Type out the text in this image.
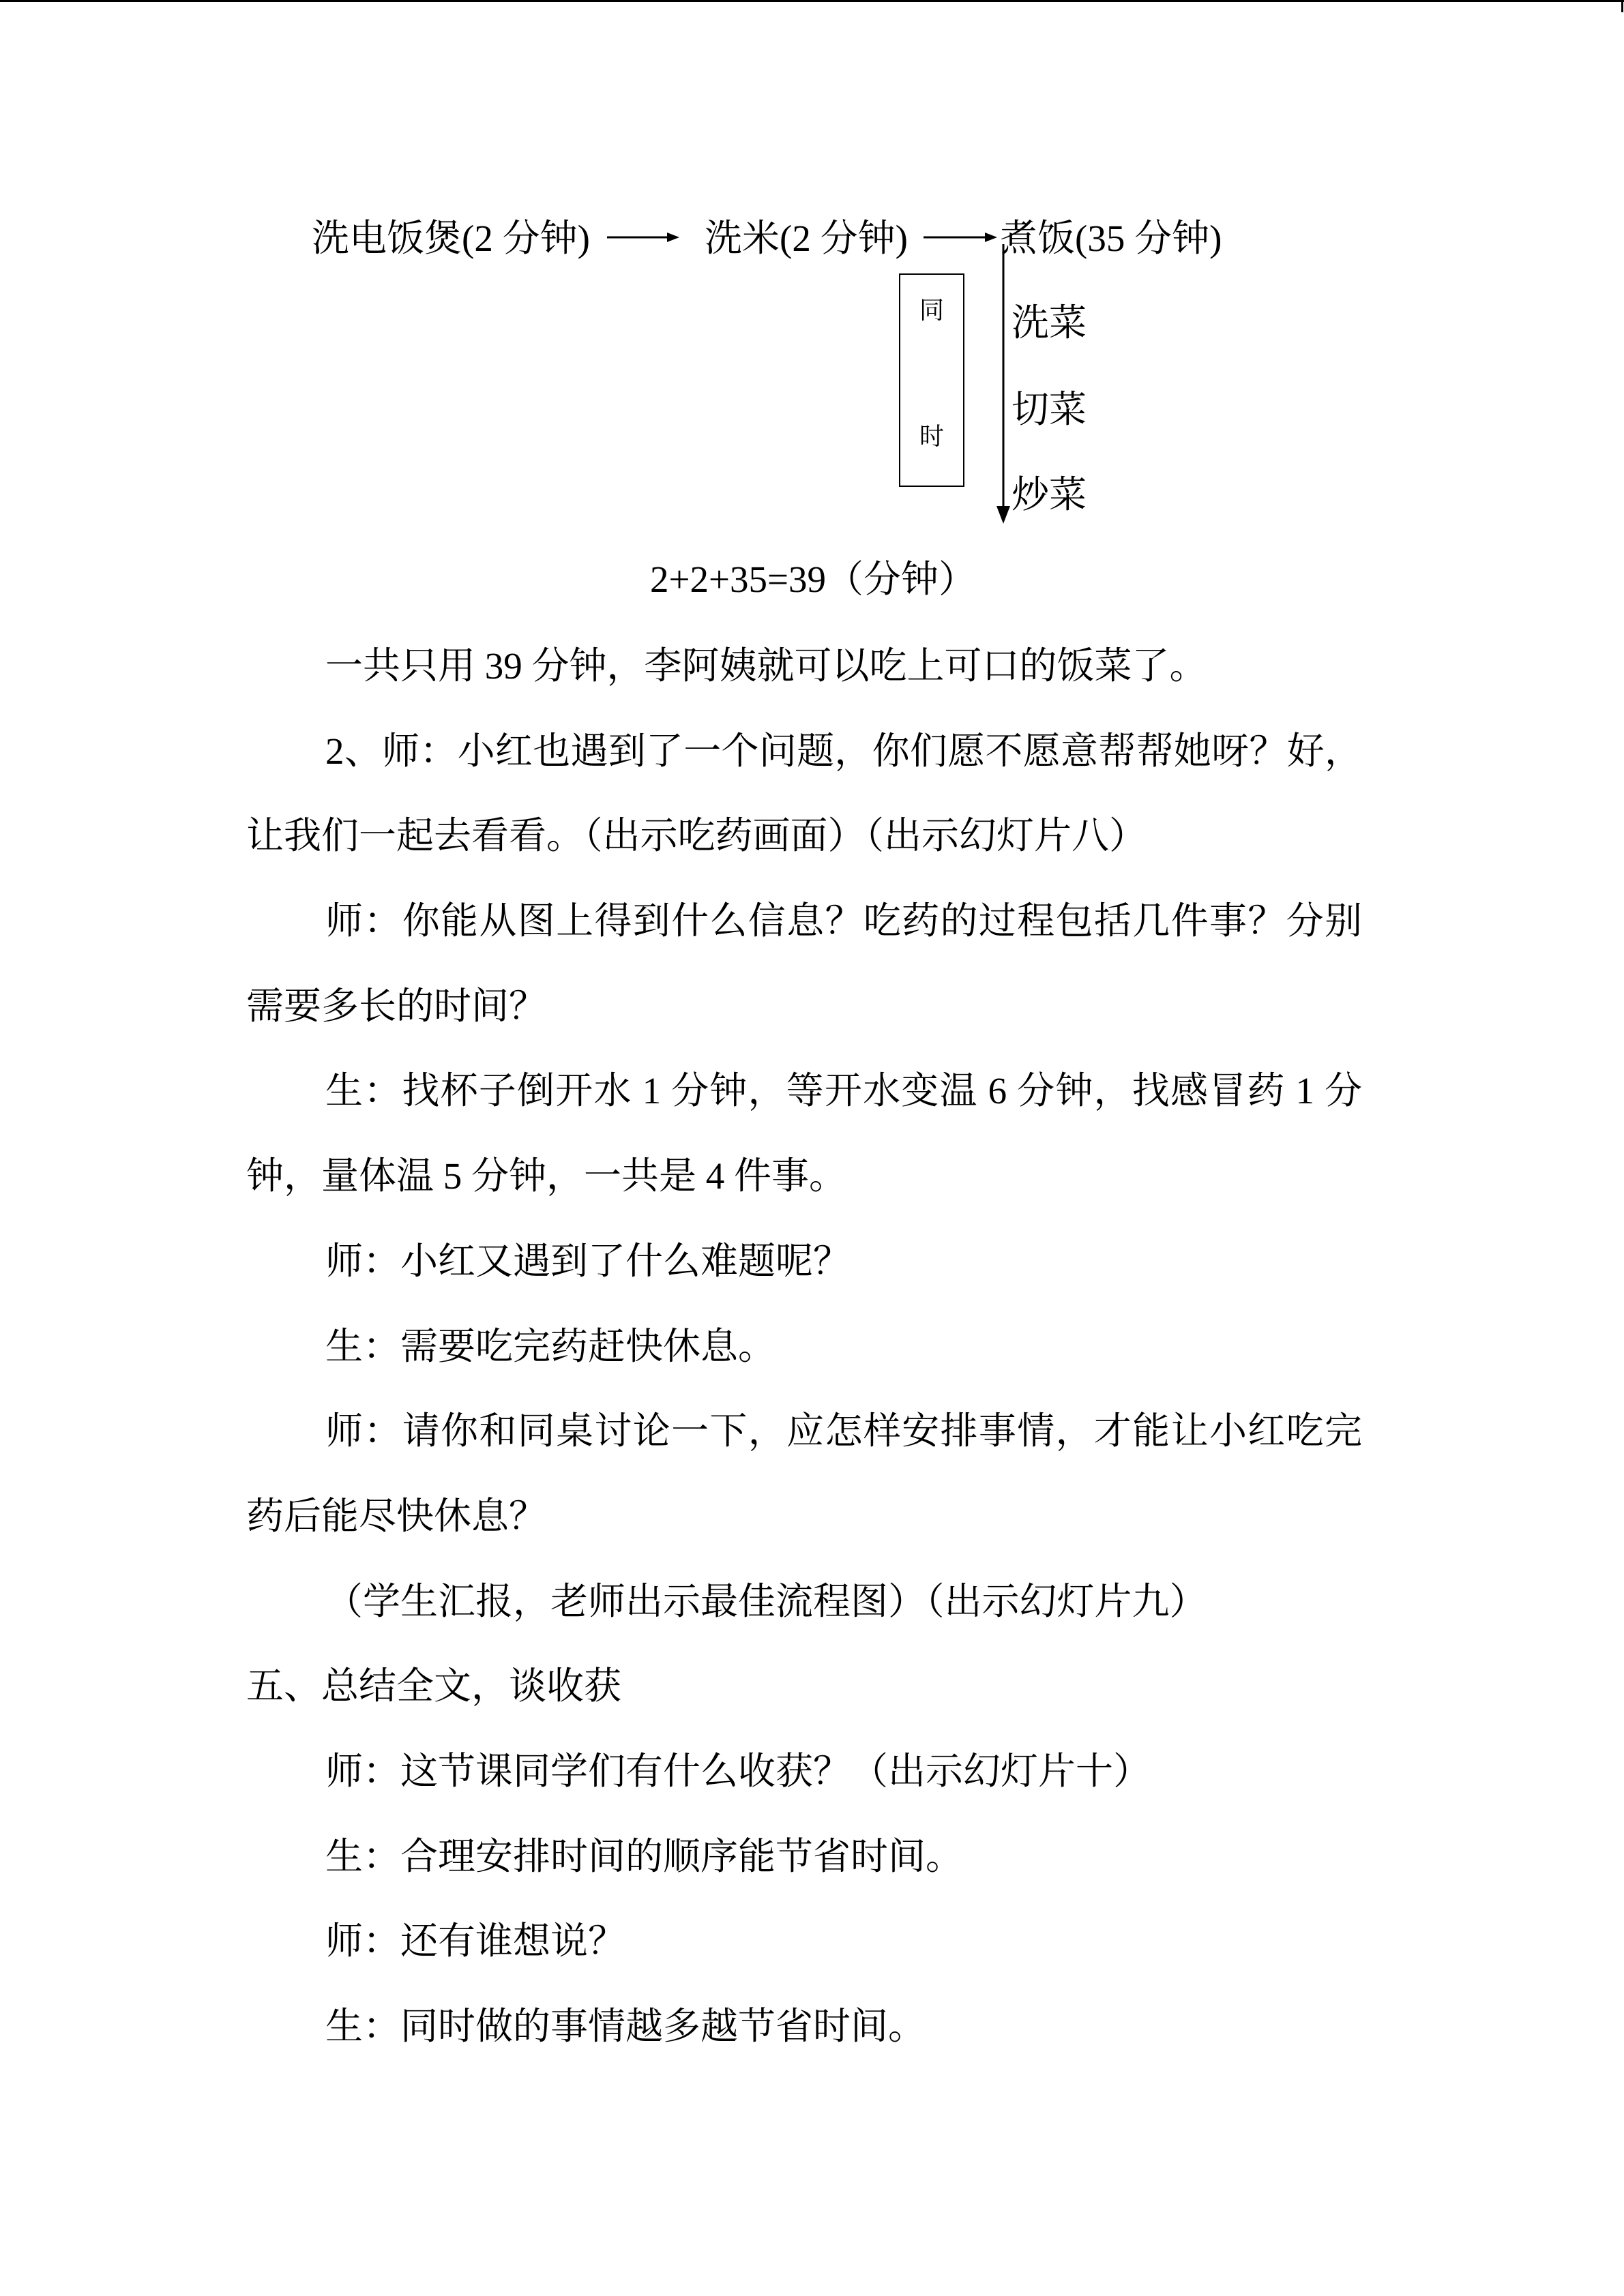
洗电饭煲(2 分钟)	洗米(2 分钟) 煮饭(35 分钟)
同
时
洗菜
切菜
炒菜
2+2+35=39（分钟）
一共只用 39 分钟，李阿姨就可以吃上可口的饭菜了。
2、师：小红也遇到了一个问题，你们愿不愿意帮帮她呀？好，
让我们一起去看看。（出示吃药画面）（出示幻灯片八）
师：你能从图上得到什么信息？吃药的过程包括几件事？分别
需要多长的时间？
生：找杯子倒开水 1 分钟，等开水变温 6 分钟，找感冒药 1 分
钟，量体温 5 分钟，一共是 4 件事。
师：小红又遇到了什么难题呢？
生：需要吃完药赶快休息。
师：请你和同桌讨论一下，应怎样安排事情，才能让小红吃完
药后能尽快休息？
（学生汇报，老师出示最佳流程图）（出示幻灯片九）
五、总结全文，谈收获
师：这节课同学们有什么收获？（出示幻灯片十）
生：合理安排时间的顺序能节省时间。
师：还有谁想说？
生：同时做的事情越多越节省时间。
